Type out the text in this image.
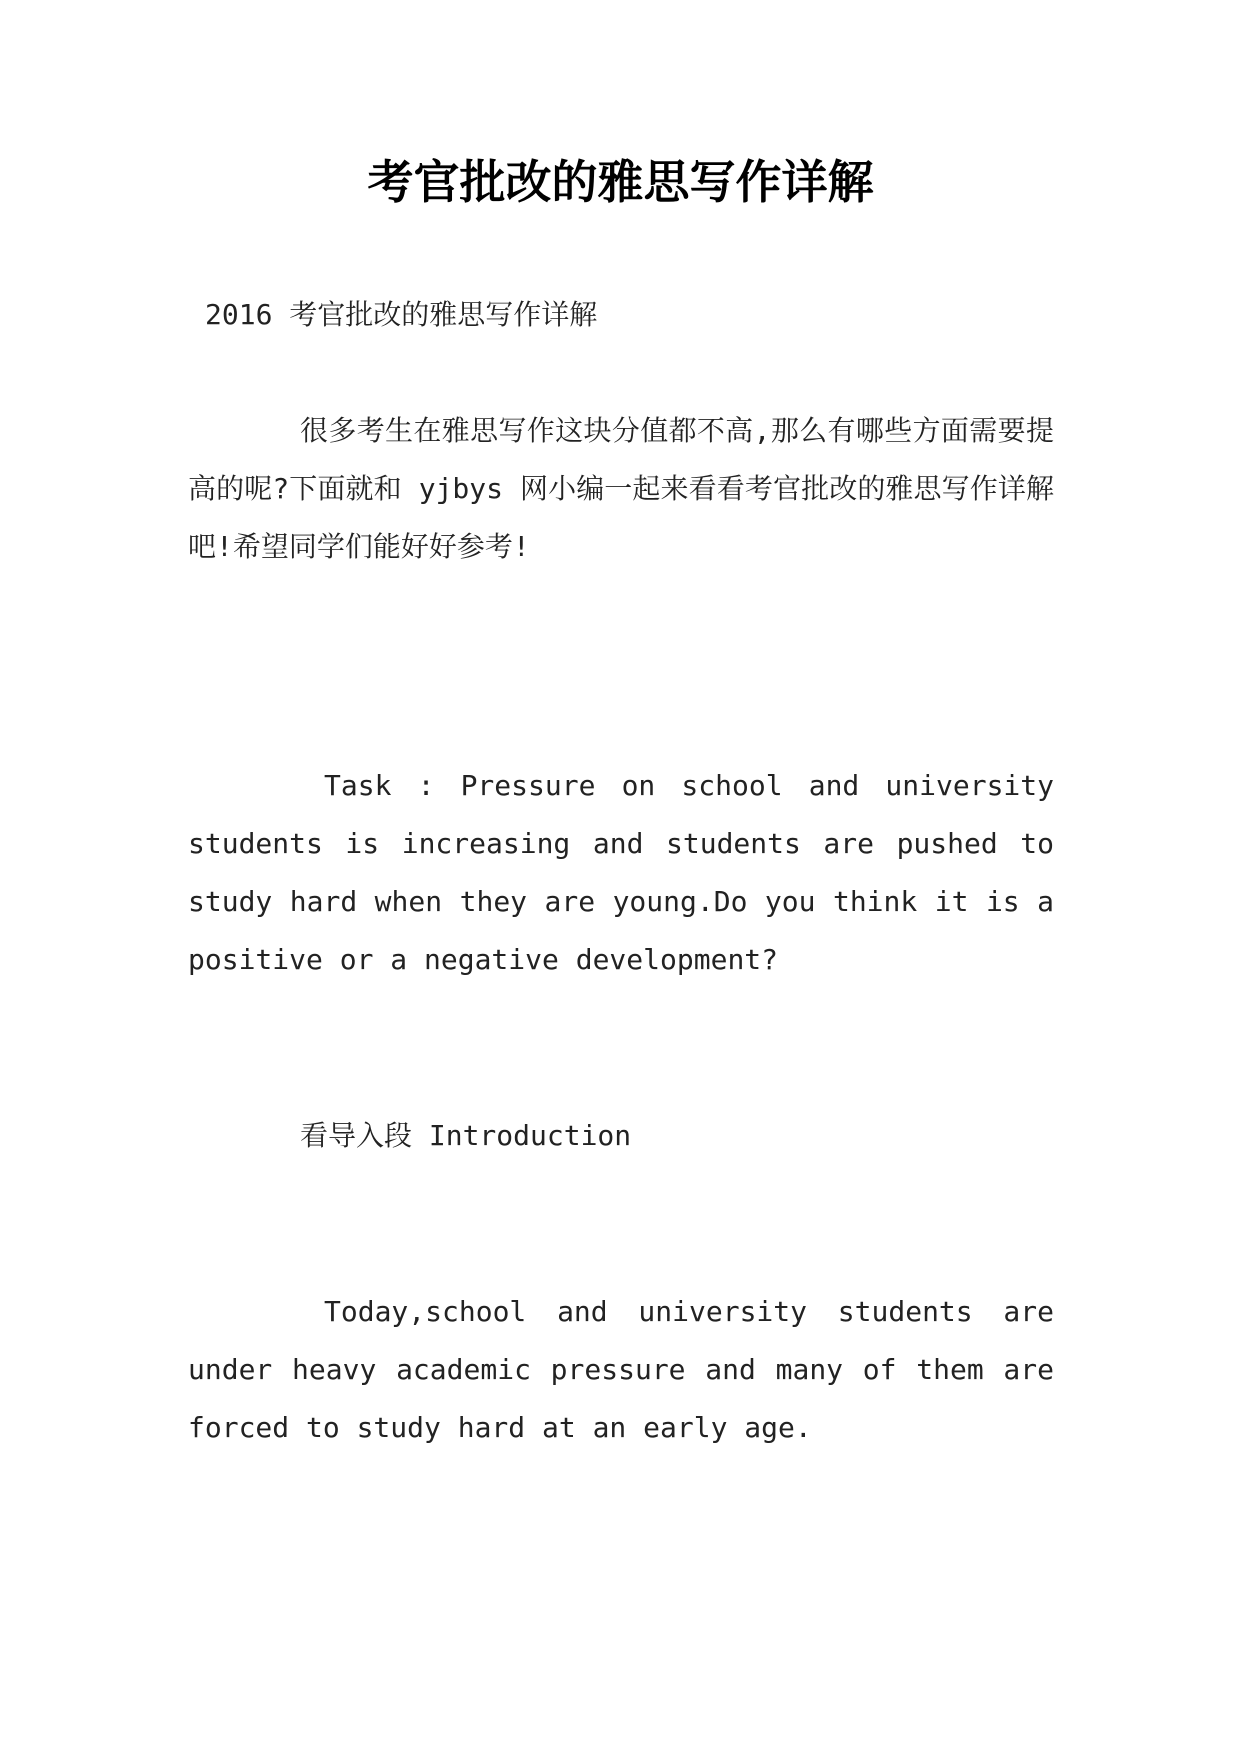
考官批改的雅思写作详解

2016 考官批改的雅思写作详解

很多考生在雅思写作这块分值都不高,那么有哪些方面需要提高的呢?下面就和 yjbys 网小编一起来看看考官批改的雅思写作详解吧!希望同学们能好好参考!

Task : Pressure on school and university students is increasing and students are pushed to study hard when they are young.Do you think it is a positive or a negative development?

看导入段 Introduction

Today,school and university students are under heavy academic pressure and many of them are forced to study hard at an early age.
